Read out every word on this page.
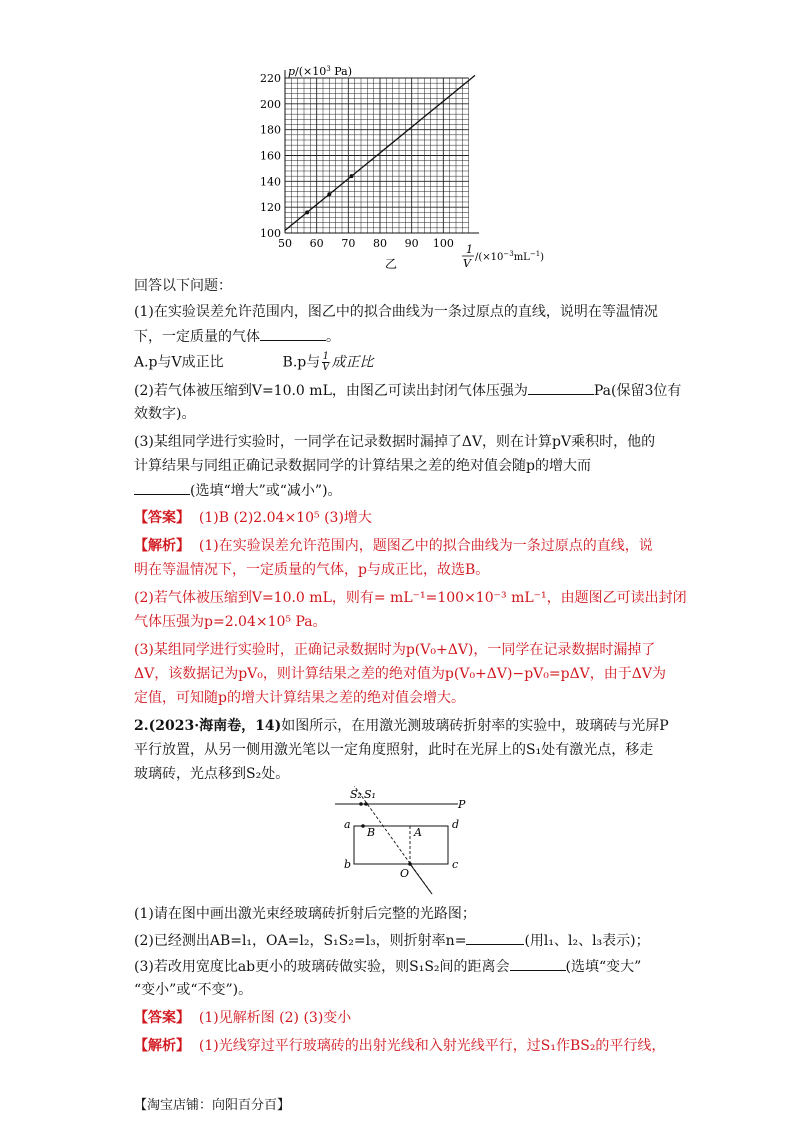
50 60 70 80 90 100
100
120
140
160
180
200
220
$p/(\times 10^3$ Pa)
1
V $/(\times 10^{-3}mL^{-1})$
乙
回答以下问题：
(1)在实验误差允许范围内，图乙中的拟合曲线为一条过原点的直线，说明在等温情况
下，一定质量的气体	。
A.p与V成正比	B.p与 $\frac{1}{V}$ 成正比
(2)若气体被压缩到V=10.0 mL，由图乙可读出封闭气体压强为	Pa(保留3位有
效数字)。
(3)某组同学进行实验时，一同学在记录数据时漏掉了ΔV，则在计算pV乘积时，他的
计算结果与同组正确记录数据同学的计算结果之差的绝对值会随p的增大而
(选填“增大”或“减小”)。
【答案】 (1)B (2)2.04×10⁵ (3)增大
【解析】 (1)在实验误差允许范围内，题图乙中的拟合曲线为一条过原点的直线，说
明在等温情况下，一定质量的气体，p与成正比，故选B。
(2)若气体被压缩到V=10.0 mL，则有= mL⁻¹=100×10⁻³ mL⁻¹，由题图乙可读出封闭
气体压强为p=2.04×10⁵ Pa。
(3)某组同学进行实验时，正确记录数据时为p(V₀+ΔV)，一同学在记录数据时漏掉了
ΔV，该数据记为pV₀，则计算结果之差的绝对值为p(V₀+ΔV)−pV₀=pΔV，由于ΔV为
定值，可知随p的增大计算结果之差的绝对值会增大。
2.(2023·海南卷，14)如图所示，在用激光测玻璃砖折射率的实验中，玻璃砖与光屏P
平行放置，从另一侧用激光笔以一定角度照射，此时在光屏上的S₁处有激光点，移走
玻璃砖，光点移到S₂处。
S₂ S₁
P
a
B	A
d
b	c
O
(1)请在图中画出激光束经玻璃砖折射后完整的光路图；
(2)已经测出AB=l₁，OA=l₂，S₁S₂=l₃，则折射率n=	(用l₁、l₂、l₃表示)；
(3)若改用宽度比ab更小的玻璃砖做实验，则S₁S₂间的距离会	(选填“变大”
“变小”或“不变”)。
【答案】 (1)见解析图 (2) (3)变小
【解析】 (1)光线穿过平行玻璃砖的出射光线和入射光线平行，过S₁作BS₂的平行线，
【淘宝店铺：向阳百分百】
